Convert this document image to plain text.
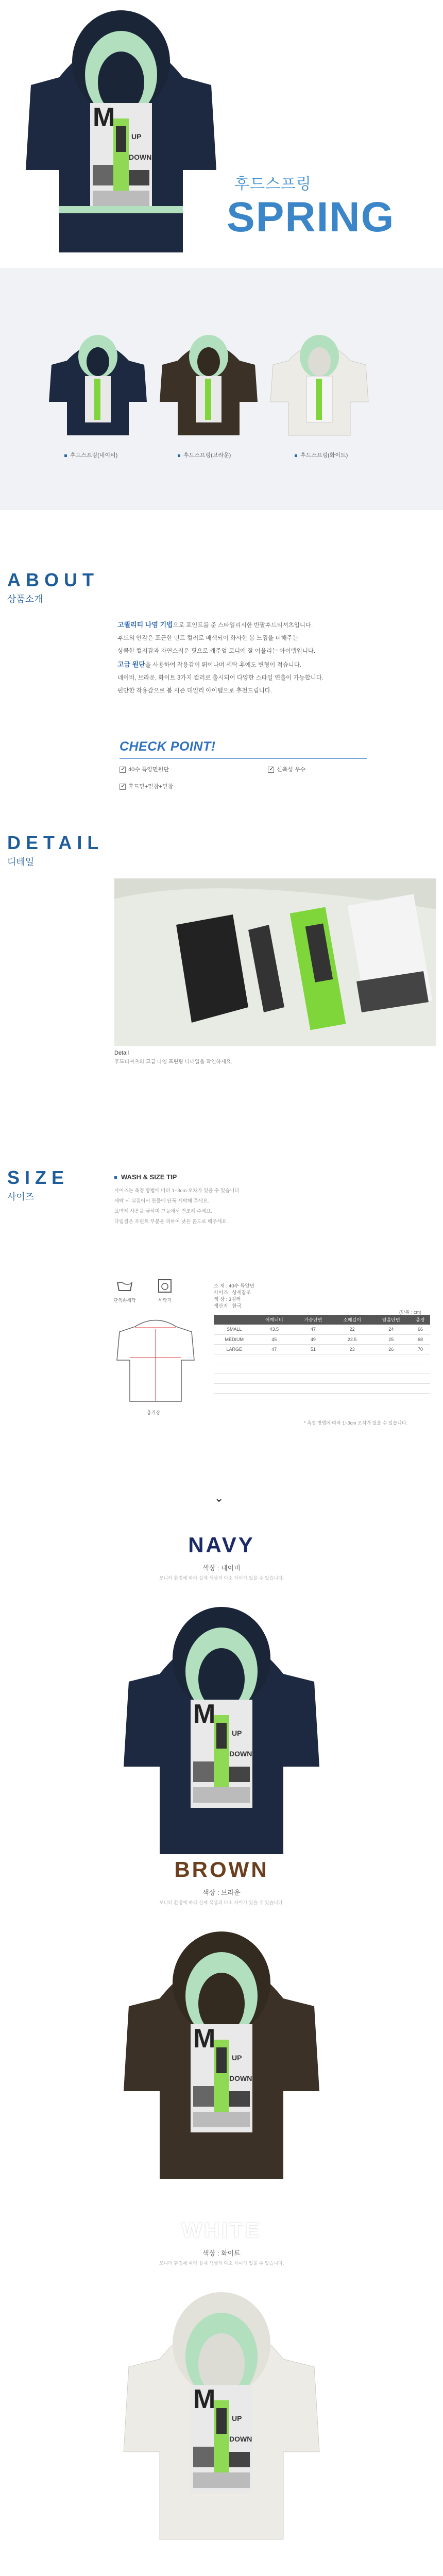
후드스프링
SPRING
후드스프링(네이비)	후드스프링(브라운)	후드스프링(화이트)
ABOUT
상품소개
고퀄리티 나염 기법으로 포인트를 준 스타일리시한 반팔후드티셔츠입니다.
후드의 안감은 포근한 민트 컬러로 배색되어 화사한 봄 느낌을 더해주는
상큼한 컬러감과 자연스러운 핏으로 캐주얼 코디에 잘 어울리는 아이템입니다.
고급 원단을 사용하여 착용감이 뛰어나며 세탁 후에도 변형이 적습니다.
네이비, 브라운, 화이트 3가지 컬러로 출시되어 다양한 스타일 연출이 가능합니다.
편안한 착용감으로 봄 시즌 데일리 아이템으로 추천드립니다.
CHECK POINT!
✓40수 특양면원단 ✓	신축성 우수
✓후드밑+밑창+밑창
DETAIL
디테일
Detail
후드티셔츠의 고급 나염 프린팅 디테일을 확인하세요.
SIZE
사이즈
WASH & SIZE TIP

사이즈는 측정 방법에 따라 1~3cm 오차가 있을 수 있습니다.

세탁 시 뒤집어서 찬물에 단독 세탁해 주세요.

표백제 사용을 금하며 그늘에서 건조해 주세요.

다림질은 프린트 부분을 피하여 낮은 온도로 해주세요.

단독손세탁	세탁기
소 재 : 40수 특양면
사이즈 : 상세참조
색 상 : 3컬러
생산지 : 한국
총기장
(단위 : cm)
	어깨너비	가슴단면	소매길이	암홀단면	총장
SMALL	43.5	47	22	24	66
MEDIUM	45	49	22.5	25	68
LARGE	47	51	23	26	70

* 측정 방법에 따라 1~3cm 오차가 있을 수 있습니다.
⌄
NAVY
색상 : 네이비
모니터 환경에 따라 실제 색상과 다소 차이가 있을 수 있습니다.
BROWN
색상 : 브라운
모니터 환경에 따라 실제 색상과 다소 차이가 있을 수 있습니다.
WHITE
색상 : 화이트
모니터 환경에 따라 실제 색상과 다소 차이가 있을 수 있습니다.
